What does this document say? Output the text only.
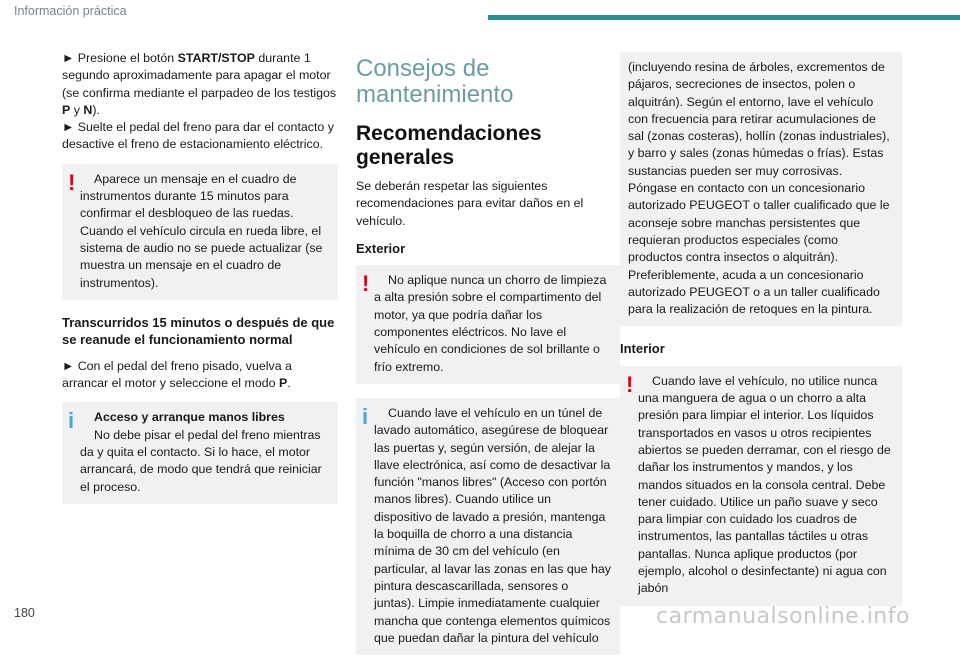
Información práctica

► Presione el botón START/STOP durante 1 segundo aproximadamente para apagar el motor (se confirma mediante el parpadeo de los testigos P y N).
► Suelte el pedal del freno para dar el contacto y desactive el freno de estacionamiento eléctrico.

!	Aparece un mensaje en el cuadro de instrumentos durante 15 minutos para confirmar el desbloqueo de las ruedas. Cuando el vehículo circula en rueda libre, el sistema de audio no se puede actualizar (se muestra un mensaje en el cuadro de instrumentos).

Transcurridos 15 minutos o después de que se reanude el funcionamiento normal

► Con el pedal del freno pisado, vuelva a arrancar el motor y seleccione el modo P.

i	Acceso y arranque manos libres

No debe pisar el pedal del freno mientras da y quita el contacto. Si lo hace, el motor arrancará, de modo que tendrá que reiniciar el proceso.

Consejos de mantenimiento

Recomendaciones generales

Se deberán respetar las siguientes recomendaciones para evitar daños en el vehículo.

Exterior

!	No aplique nunca un chorro de limpieza a alta presión sobre el compartimento del motor, ya que podría dañar los componentes eléctricos. No lave el vehículo en condiciones de sol brillante o frío extremo.

i	Cuando lave el vehículo en un túnel de lavado automático, asegúrese de bloquear las puertas y, según versión, de alejar la llave electrónica, así como de desactivar la función "manos libres" (Acceso con portón manos libres). Cuando utilice un dispositivo de lavado a presión, mantenga la boquilla de chorro a una distancia mínima de 30 cm del vehículo (en particular, al lavar las zonas en las que hay pintura descascarillada, sensores o juntas). Limpie inmediatamente cualquier mancha que contenga elementos químicos que puedan dañar la pintura del vehículo

(incluyendo resina de árboles, excrementos de pájaros, secreciones de insectos, polen o alquitrán). Según el entorno, lave el vehículo con frecuencia para retirar acumulaciones de sal (zonas costeras), hollín (zonas industriales), y barro y sales (zonas húmedas o frías). Estas sustancias pueden ser muy corrosivas. Póngase en contacto con un concesionario autorizado PEUGEOT o taller cualificado que le aconseje sobre manchas persistentes que requieran productos especiales (como productos contra insectos o alquitrán). Preferiblemente, acuda a un concesionario autorizado PEUGEOT o a un taller cualificado para la realización de retoques en la pintura.

Interior

!	Cuando lave el vehículo, no utilice nunca una manguera de agua o un chorro a alta presión para limpiar el interior. Los líquidos transportados en vasos u otros recipientes abiertos se pueden derramar, con el riesgo de dañar los instrumentos y mandos, y los mandos situados en la consola central. Debe tener cuidado. Utilice un paño suave y seco para limpiar con cuidado los cuadros de instrumentos, las pantallas táctiles u otras pantallas. Nunca aplique productos (por ejemplo, alcohol o desinfectante) ni agua con jabón

180	carmanualsonline.info
